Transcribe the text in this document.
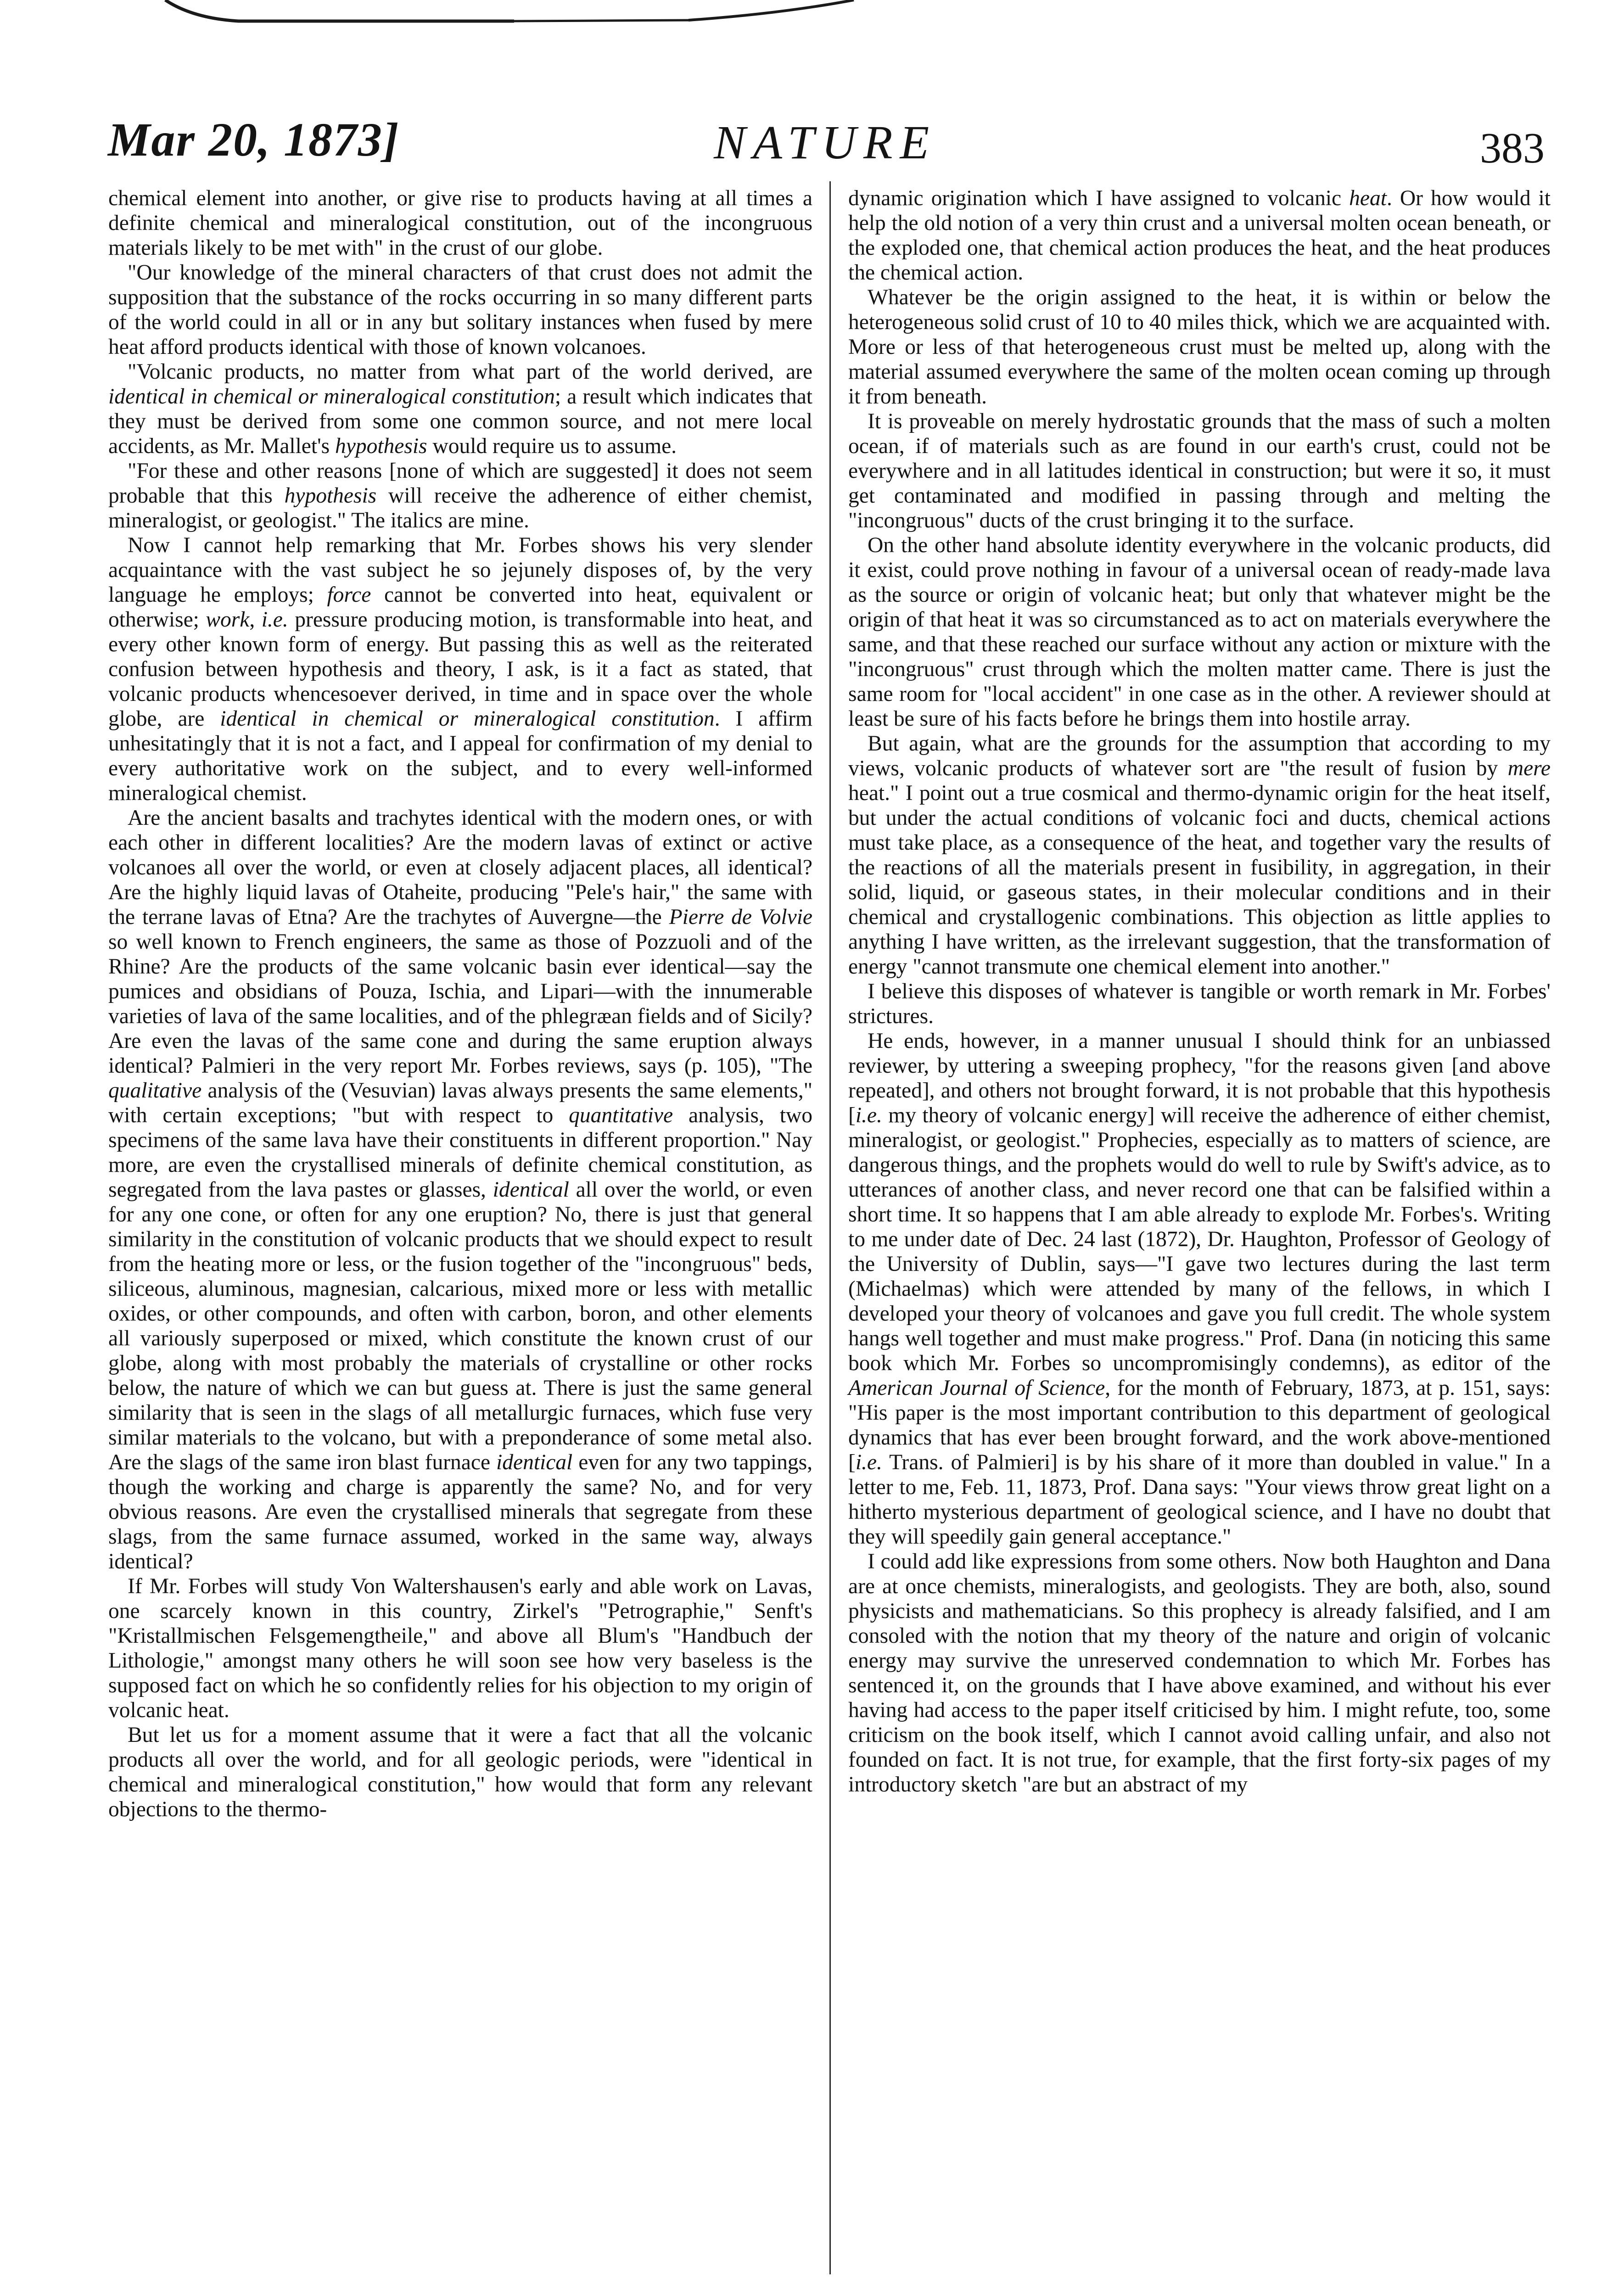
Mar 20, 1873]	NATURE	383

chemical element into another, or give rise to products having at all times a definite chemical and mineralogical constitution, out of the incongruous materials likely to be met with" in the crust of our globe.

"Our knowledge of the mineral characters of that crust does not admit the supposition that the substance of the rocks occurring in so many different parts of the world could in all or in any but solitary instances when fused by mere heat afford products identical with those of known volcanoes.

"Volcanic products, no matter from what part of the world derived, are identical in chemical or mineralogical constitution; a result which indicates that they must be derived from some one common source, and not mere local accidents, as Mr. Mallet's hypothesis would require us to assume.

"For these and other reasons [none of which are suggested] it does not seem probable that this hypothesis will receive the adherence of either chemist, mineralogist, or geologist." The italics are mine.

Now I cannot help remarking that Mr. Forbes shows his very slender acquaintance with the vast subject he so jejunely disposes of, by the very language he employs; force cannot be converted into heat, equivalent or otherwise; work, i.e. pressure producing motion, is transformable into heat, and every other known form of energy. But passing this as well as the reiterated confusion between hypothesis and theory, I ask, is it a fact as stated, that volcanic products whencesoever derived, in time and in space over the whole globe, are identical in chemical or mineralogical constitution. I affirm unhesitatingly that it is not a fact, and I appeal for confirmation of my denial to every authoritative work on the subject, and to every well-informed mineralogical chemist.

Are the ancient basalts and trachytes identical with the modern ones, or with each other in different localities? Are the modern lavas of extinct or active volcanoes all over the world, or even at closely adjacent places, all identical? Are the highly liquid lavas of Otaheite, producing "Pele's hair," the same with the terrane lavas of Etna? Are the trachytes of Auvergne—the Pierre de Volvie so well known to French engineers, the same as those of Pozzuoli and of the Rhine? Are the products of the same volcanic basin ever identical—say the pumices and obsidians of Pouza, Ischia, and Lipari—with the innumerable varieties of lava of the same localities, and of the phlegræan fields and of Sicily? Are even the lavas of the same cone and during the same eruption always identical? Palmieri in the very report Mr. Forbes reviews, says (p. 105), "The qualitative analysis of the (Vesuvian) lavas always presents the same elements," with certain exceptions; "but with respect to quantitative analysis, two specimens of the same lava have their constituents in different proportion." Nay more, are even the crystallised minerals of definite chemical constitution, as segregated from the lava pastes or glasses, identical all over the world, or even for any one cone, or often for any one eruption? No, there is just that general similarity in the constitution of volcanic products that we should expect to result from the heating more or less, or the fusion together of the "incongruous" beds, siliceous, aluminous, magnesian, calcarious, mixed more or less with metallic oxides, or other compounds, and often with carbon, boron, and other elements all variously superposed or mixed, which constitute the known crust of our globe, along with most probably the materials of crystalline or other rocks below, the nature of which we can but guess at. There is just the same general similarity that is seen in the slags of all metallurgic furnaces, which fuse very similar materials to the volcano, but with a preponderance of some metal also. Are the slags of the same iron blast furnace identical even for any two tappings, though the working and charge is apparently the same? No, and for very obvious reasons. Are even the crystallised minerals that segregate from these slags, from the same furnace assumed, worked in the same way, always identical?

If Mr. Forbes will study Von Waltershausen's early and able work on Lavas, one scarcely known in this country, Zirkel's "Petrographie," Senft's "Kristallmischen Felsgemengtheile," and above all Blum's "Handbuch der Lithologie," amongst many others he will soon see how very baseless is the supposed fact on which he so confidently relies for his objection to my origin of volcanic heat.

But let us for a moment assume that it were a fact that all the volcanic products all over the world, and for all geologic periods, were "identical in chemical and mineralogical constitution," how would that form any relevant objections to the thermo-

dynamic origination which I have assigned to volcanic heat. Or how would it help the old notion of a very thin crust and a universal molten ocean beneath, or the exploded one, that chemical action produces the heat, and the heat produces the chemical action.

Whatever be the origin assigned to the heat, it is within or below the heterogeneous solid crust of 10 to 40 miles thick, which we are acquainted with. More or less of that heterogeneous crust must be melted up, along with the material assumed everywhere the same of the molten ocean coming up through it from beneath.

It is proveable on merely hydrostatic grounds that the mass of such a molten ocean, if of materials such as are found in our earth's crust, could not be everywhere and in all latitudes identical in construction; but were it so, it must get contaminated and modified in passing through and melting the "incongruous" ducts of the crust bringing it to the surface.

On the other hand absolute identity everywhere in the volcanic products, did it exist, could prove nothing in favour of a universal ocean of ready-made lava as the source or origin of volcanic heat; but only that whatever might be the origin of that heat it was so circumstanced as to act on materials everywhere the same, and that these reached our surface without any action or mixture with the "incongruous" crust through which the molten matter came. There is just the same room for "local accident" in one case as in the other. A reviewer should at least be sure of his facts before he brings them into hostile array.

But again, what are the grounds for the assumption that according to my views, volcanic products of whatever sort are "the result of fusion by mere heat." I point out a true cosmical and thermo-dynamic origin for the heat itself, but under the actual conditions of volcanic foci and ducts, chemical actions must take place, as a consequence of the heat, and together vary the results of the reactions of all the materials present in fusibility, in aggregation, in their solid, liquid, or gaseous states, in their molecular conditions and in their chemical and crystallogenic combinations. This objection as little applies to anything I have written, as the irrelevant suggestion, that the transformation of energy "cannot transmute one chemical element into another."

I believe this disposes of whatever is tangible or worth remark in Mr. Forbes' strictures.

He ends, however, in a manner unusual I should think for an unbiassed reviewer, by uttering a sweeping prophecy, "for the reasons given [and above repeated], and others not brought forward, it is not probable that this hypothesis [i.e. my theory of volcanic energy] will receive the adherence of either chemist, mineralogist, or geologist." Prophecies, especially as to matters of science, are dangerous things, and the prophets would do well to rule by Swift's advice, as to utterances of another class, and never record one that can be falsified within a short time. It so happens that I am able already to explode Mr. Forbes's. Writing to me under date of Dec. 24 last (1872), Dr. Haughton, Professor of Geology of the University of Dublin, says—"I gave two lectures during the last term (Michaelmas) which were attended by many of the fellows, in which I developed your theory of volcanoes and gave you full credit. The whole system hangs well together and must make progress." Prof. Dana (in noticing this same book which Mr. Forbes so uncompromisingly condemns), as editor of the American Journal of Science, for the month of February, 1873, at p. 151, says: "His paper is the most important contribution to this department of geological dynamics that has ever been brought forward, and the work above-mentioned [i.e. Trans. of Palmieri] is by his share of it more than doubled in value." In a letter to me, Feb. 11, 1873, Prof. Dana says: "Your views throw great light on a hitherto mysterious department of geological science, and I have no doubt that they will speedily gain general acceptance."

I could add like expressions from some others. Now both Haughton and Dana are at once chemists, mineralogists, and geologists. They are both, also, sound physicists and mathematicians. So this prophecy is already falsified, and I am consoled with the notion that my theory of the nature and origin of volcanic energy may survive the unreserved condemnation to which Mr. Forbes has sentenced it, on the grounds that I have above examined, and without his ever having had access to the paper itself criticised by him. I might refute, too, some criticism on the book itself, which I cannot avoid calling unfair, and also not founded on fact. It is not true, for example, that the first forty-six pages of my introductory sketch "are but an abstract of my
